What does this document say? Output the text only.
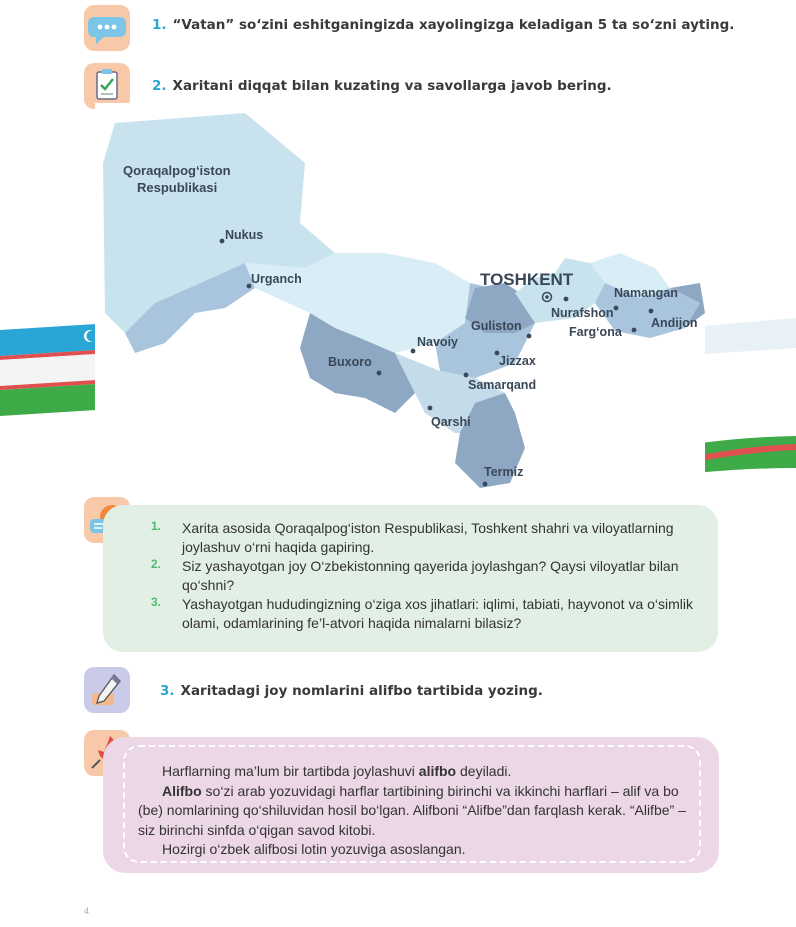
1. “Vatan” so‘zini eshitganingizda xayolingizga keladigan 5 ta so‘zni ayting.
2. Xaritani diqqat bilan kuzating va savollarga javob bering.
Qoraqalpog‘iston
Respublikasi
TOSHKENT
Nukus
Urganch
Buxoro
Navoiy
Guliston
Jizzax
Samarqand
Qarshi
Termiz
Nurafshon
Namangan
Andijon
Farg‘ona
1. Xarita asosida Qoraqalpog‘iston Respublikasi, Toshkent shahri va viloyatlarning joylashuv o‘rni haqida gapiring.
2. Siz yashayotgan joy O‘zbekistonning qayerida joylashgan? Qaysi viloyatlar bilan qo‘shni?
3. Yashayotgan hududingizning o‘ziga xos jihatlari: iqlimi, tabiati, hayvonot va o‘simlik olami, odamlarining fe’l-atvori haqida nimalarni bilasiz?
3. Xaritadagi joy nomlarini alifbo tartibida yozing.
Harflarning ma’lum bir tartibda joylashuvi alifbo deyiladi.
Alifbo so‘zi arab yozuvidagi harflar tartibining birinchi va ikkinchi harflari – alif va bo (be) nomlarining qo‘shiluvidan hosil bo‘lgan. Alifboni “Alifbe”dan farqlash kerak. “Alifbe” – siz birinchi sinfda o‘qigan savod kitobi.
Hozirgi o‘zbek alifbosi lotin yozuviga asoslangan.
4
